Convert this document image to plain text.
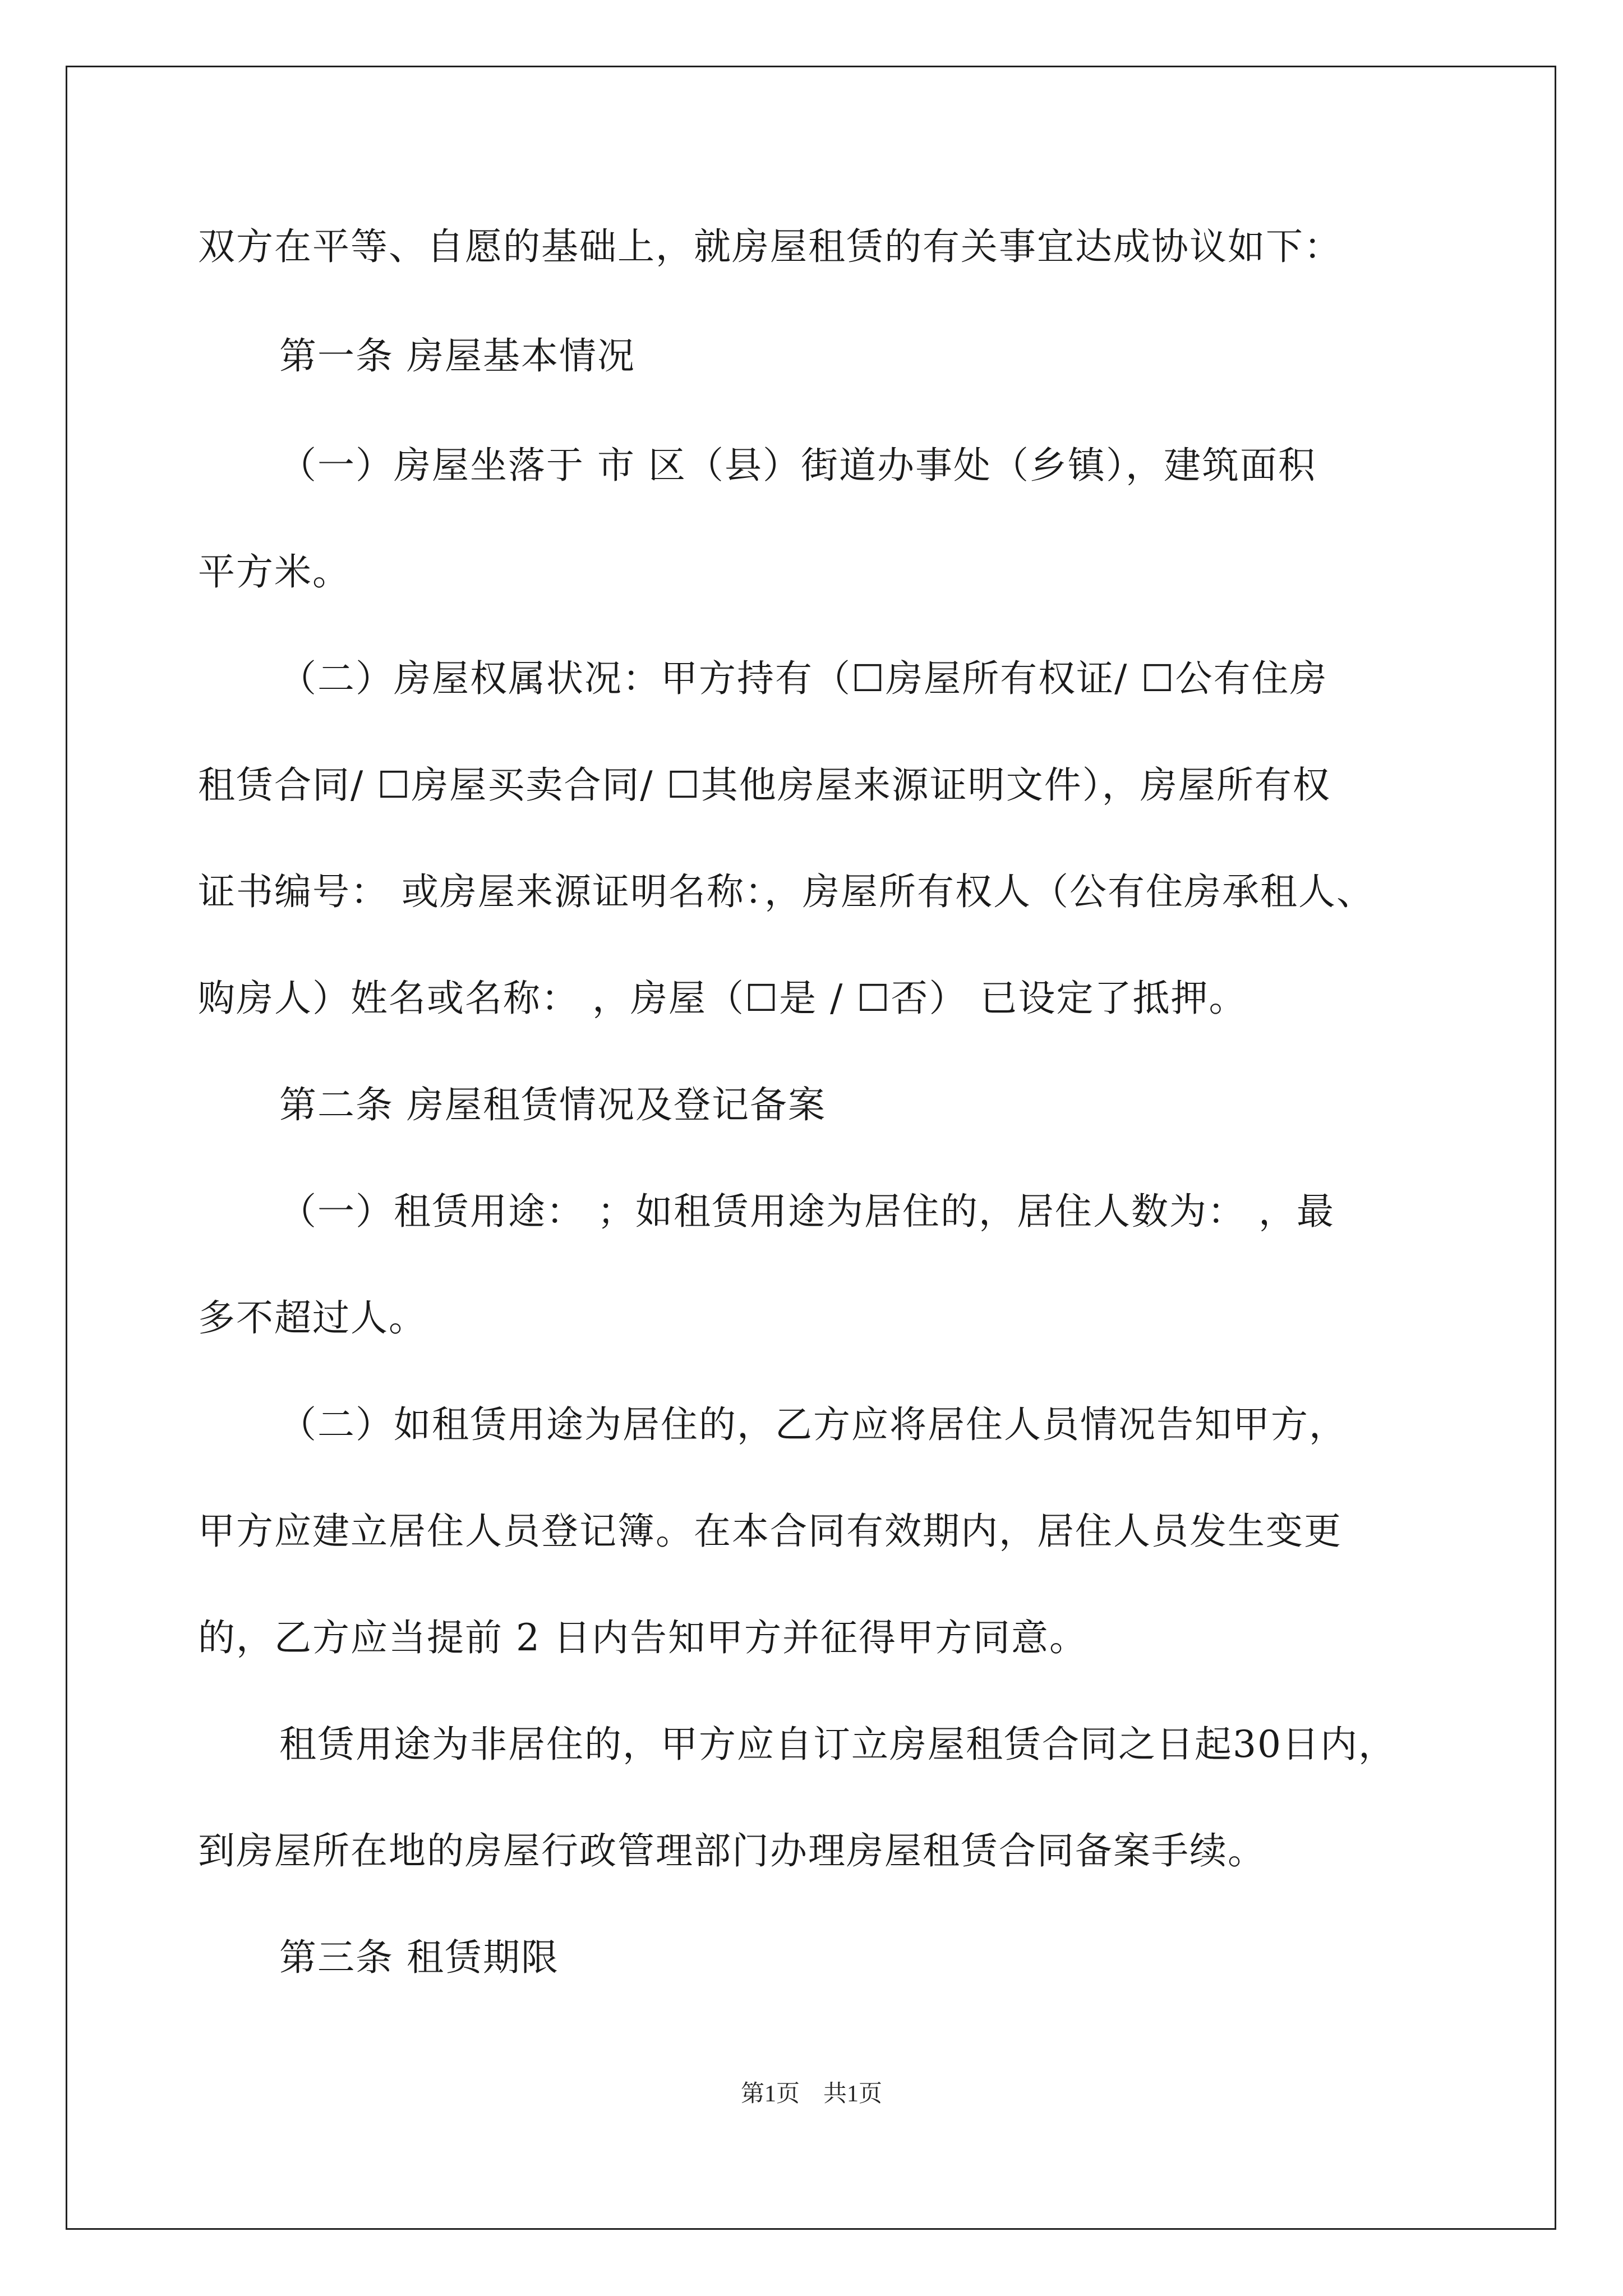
双方在平等、自愿的基础上，就房屋租赁的有关事宜达成协议如下：
第一条 房屋基本情况
（一）房屋坐落于 市 区（县）街道办事处（乡镇），建筑面积
平方米。
（二）房屋权属状况：甲方持有（☐房屋所有权证/ ☐公有住房
租赁合同/ ☐房屋买卖合同/ ☐其他房屋来源证明文件），房屋所有权
证书编号： 或房屋来源证明名称：，房屋所有权人（公有住房承租人、
购房人）姓名或名称： ，房屋（☐是 / ☐否） 已设定了抵押。
第二条 房屋租赁情况及登记备案
（一）租赁用途： ；如租赁用途为居住的，居住人数为： ，最
多不超过人。
（二）如租赁用途为居住的，乙方应将居住人员情况告知甲方，
甲方应建立居住人员登记簿。在本合同有效期内，居住人员发生变更
的，乙方应当提前 2 日内告知甲方并征得甲方同意。
租赁用途为非居住的，甲方应自订立房屋租赁合同之日起30日内，
到房屋所在地的房屋行政管理部门办理房屋租赁合同备案手续。
第三条 租赁期限
第1页　共1页
